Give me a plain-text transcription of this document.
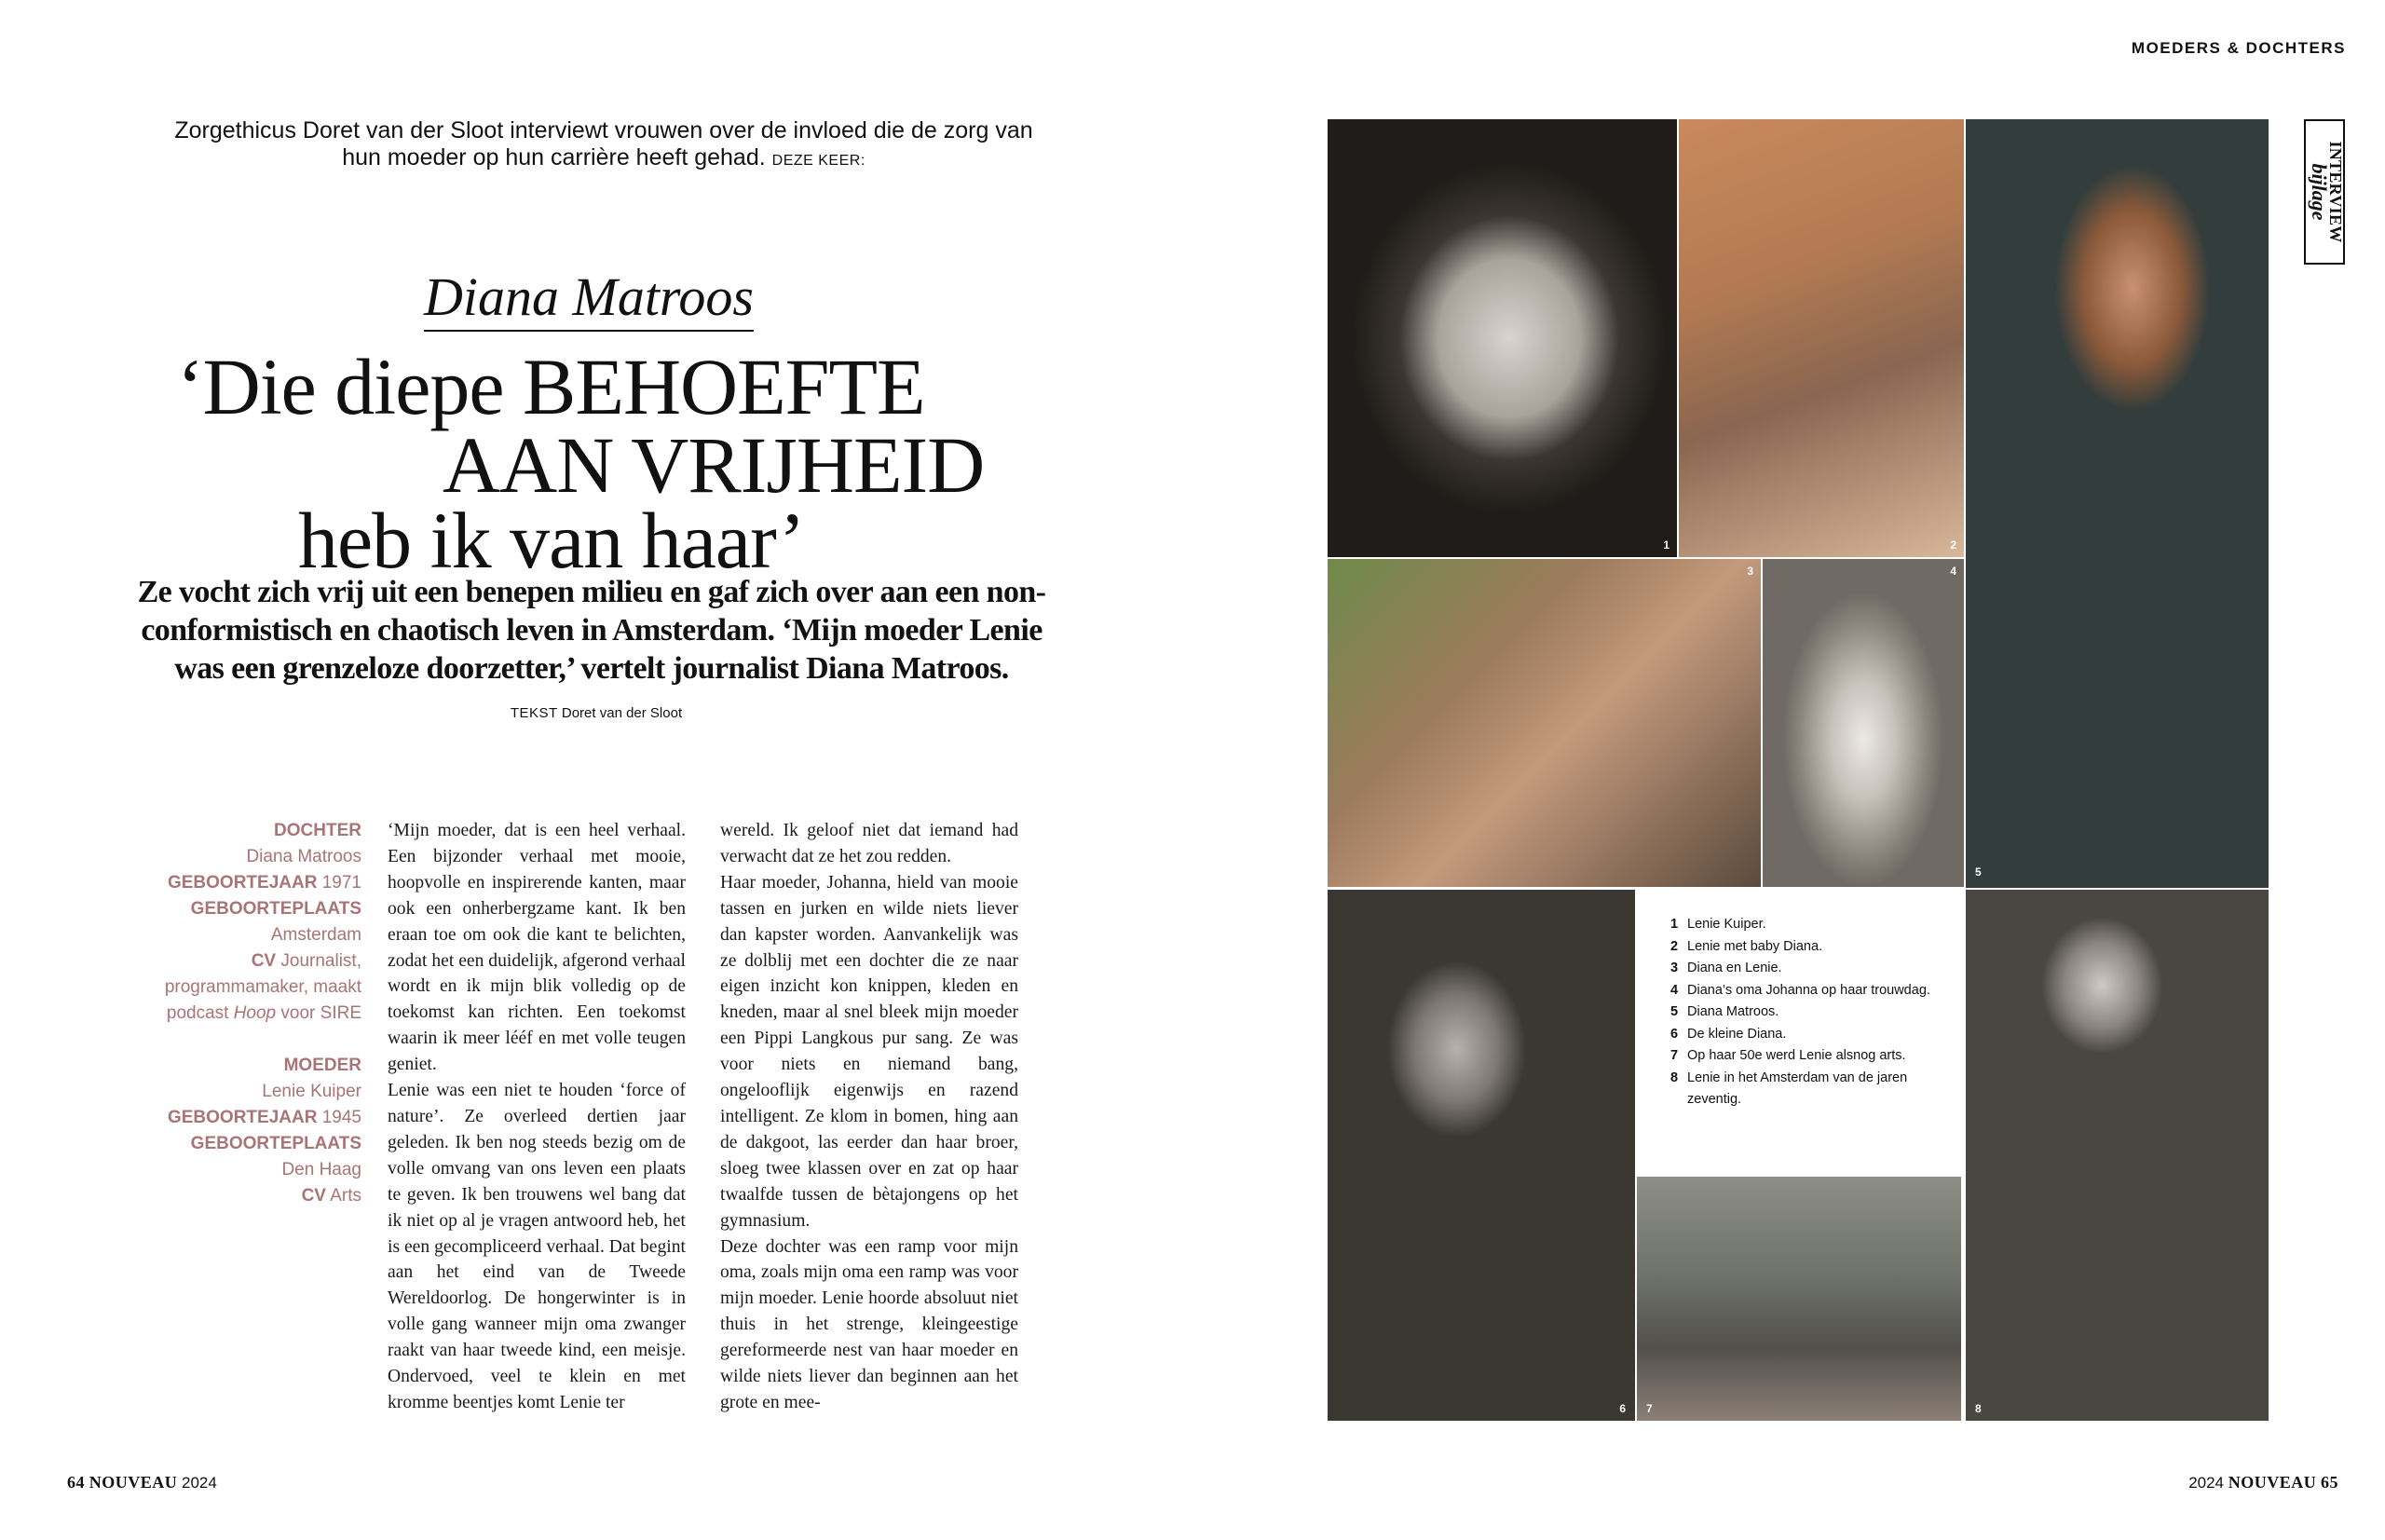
MOEDERS & DOCHTERS
Zorgethicus Doret van der Sloot interviewt vrouwen over de invloed die de zorg van hun moeder op hun carrière heeft gehad. DEZE KEER:
Diana Matroos
‘Die diepe BEHOEFTE
AAN VRIJHEID
heb ik van haar’
Ze vocht zich vrij uit een benepen milieu en gaf zich over aan een non-conformistisch en chaotisch leven in Amsterdam. ‘Mijn moeder Lenie was een grenzeloze doorzetter,’ vertelt journalist Diana Matroos.
TEKST Doret van der Sloot
DOCHTER
Diana Matroos
GEBOORTEJAAR 1971
GEBOORTEPLAATS
Amsterdam
CV Journalist, programmamaker, maakt podcast Hoop voor SIRE
MOEDER
Lenie Kuiper
GEBOORTEJAAR 1945
GEBOORTEPLAATS
Den Haag
CV Arts

‘Mijn moeder, dat is een heel verhaal. Een bijzonder verhaal met mooie, hoopvolle en inspirerende kanten, maar ook een onherbergzame kant. Ik ben eraan toe om ook die kant te belichten, zodat het een duidelijk, afgerond verhaal wordt en ik mijn blik volledig op de toekomst kan richten. Een toekomst waarin ik meer lééf en met volle teugen geniet.

Lenie was een niet te houden ‘force of nature’. Ze overleed dertien jaar geleden. Ik ben nog steeds bezig om de volle omvang van ons leven een plaats te geven. Ik ben trouwens wel bang dat ik niet op al je vragen antwoord heb, het is een gecompliceerd verhaal. Dat begint aan het eind van de Tweede Wereldoorlog. De hongerwinter is in volle gang wanneer mijn oma zwanger raakt van haar tweede kind, een meisje. Ondervoed, veel te klein en met kromme beentjes komt Lenie ter

wereld. Ik geloof niet dat iemand had verwacht dat ze het zou redden.

Haar moeder, Johanna, hield van mooie tassen en jurken en wilde niets liever dan kapster worden. Aanvankelijk was ze dolblij met een dochter die ze naar eigen inzicht kon knippen, kleden en kneden, maar al snel bleek mijn moeder een Pippi Langkous pur sang. Ze was voor niets en niemand bang, ongelooflijk eigenwijs en razend intelligent. Ze klom in bomen, hing aan de dakgoot, las eerder dan haar broer, sloeg twee klassen over en zat op haar twaalfde tussen de bètajongens op het gymnasium.

Deze dochter was een ramp voor mijn oma, zoals mijn oma een ramp was voor mijn moeder. Lenie hoorde absoluut niet thuis in het strenge, kleingeestige gereformeerde nest van haar moeder en wilde niets liever dan beginnen aan het grote en mee-

64 NOUVEAU 2024	2024 NOUVEAU 65
1	2
5
3	4
6
1 Lenie Kuiper.
2 Lenie met baby Diana.
3 Diana en Lenie.
4 Diana’s oma Johanna op haar trouwdag.
5 Diana Matroos.
6 De kleine Diana.
7 Op haar 50e werd Lenie alsnog arts.
8 Lenie in het Amsterdam van de jaren zeventig.
7	8
INTERVIEW
bijlage
